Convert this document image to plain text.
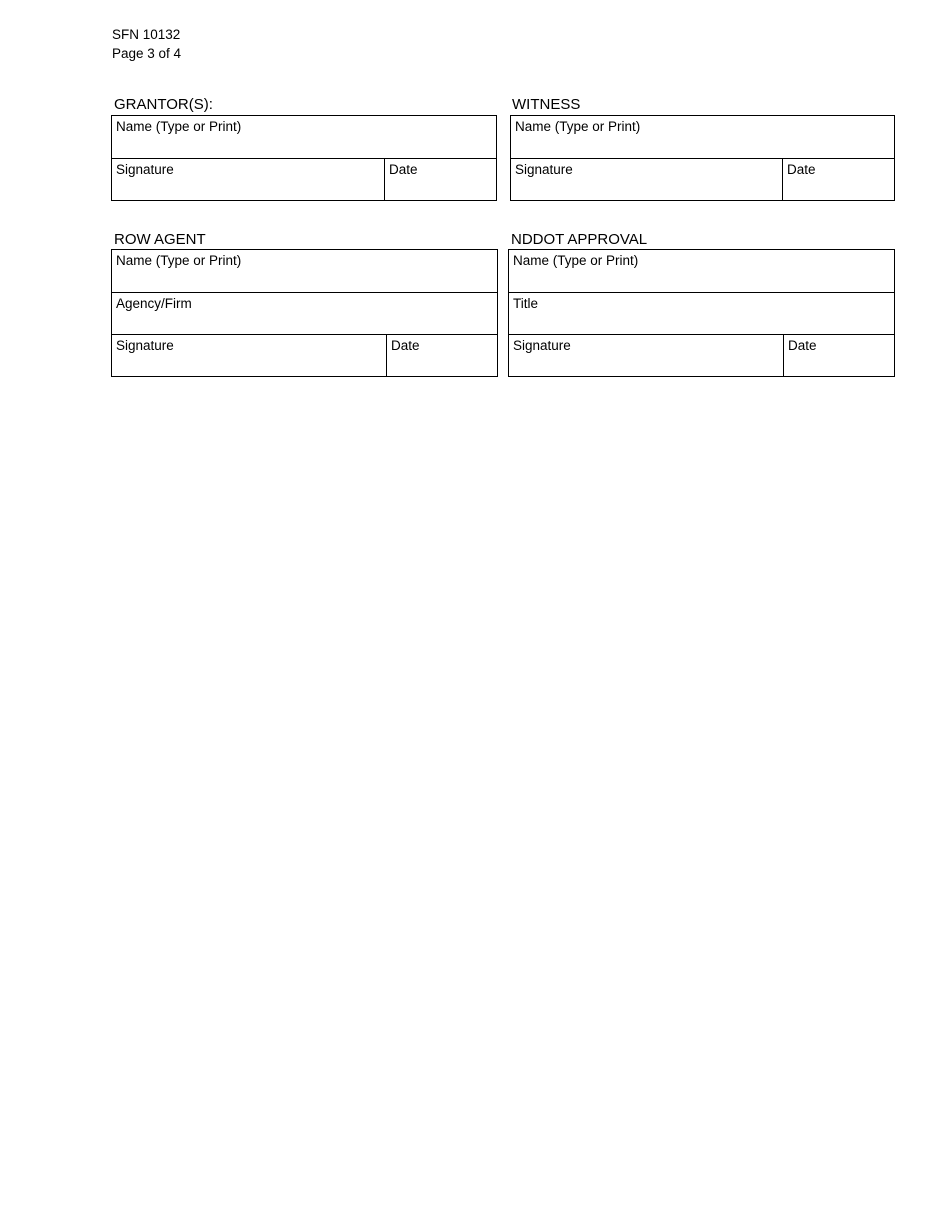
SFN 10132
Page 3 of 4
GRANTOR(S):
Name (Type or Print)
Signature	Date
WITNESS
Name (Type or Print)
Signature	Date
ROW AGENT
Name (Type or Print)
Agency/Firm
Signature	Date
NDDOT APPROVAL
Name (Type or Print)
Title
Signature	Date
